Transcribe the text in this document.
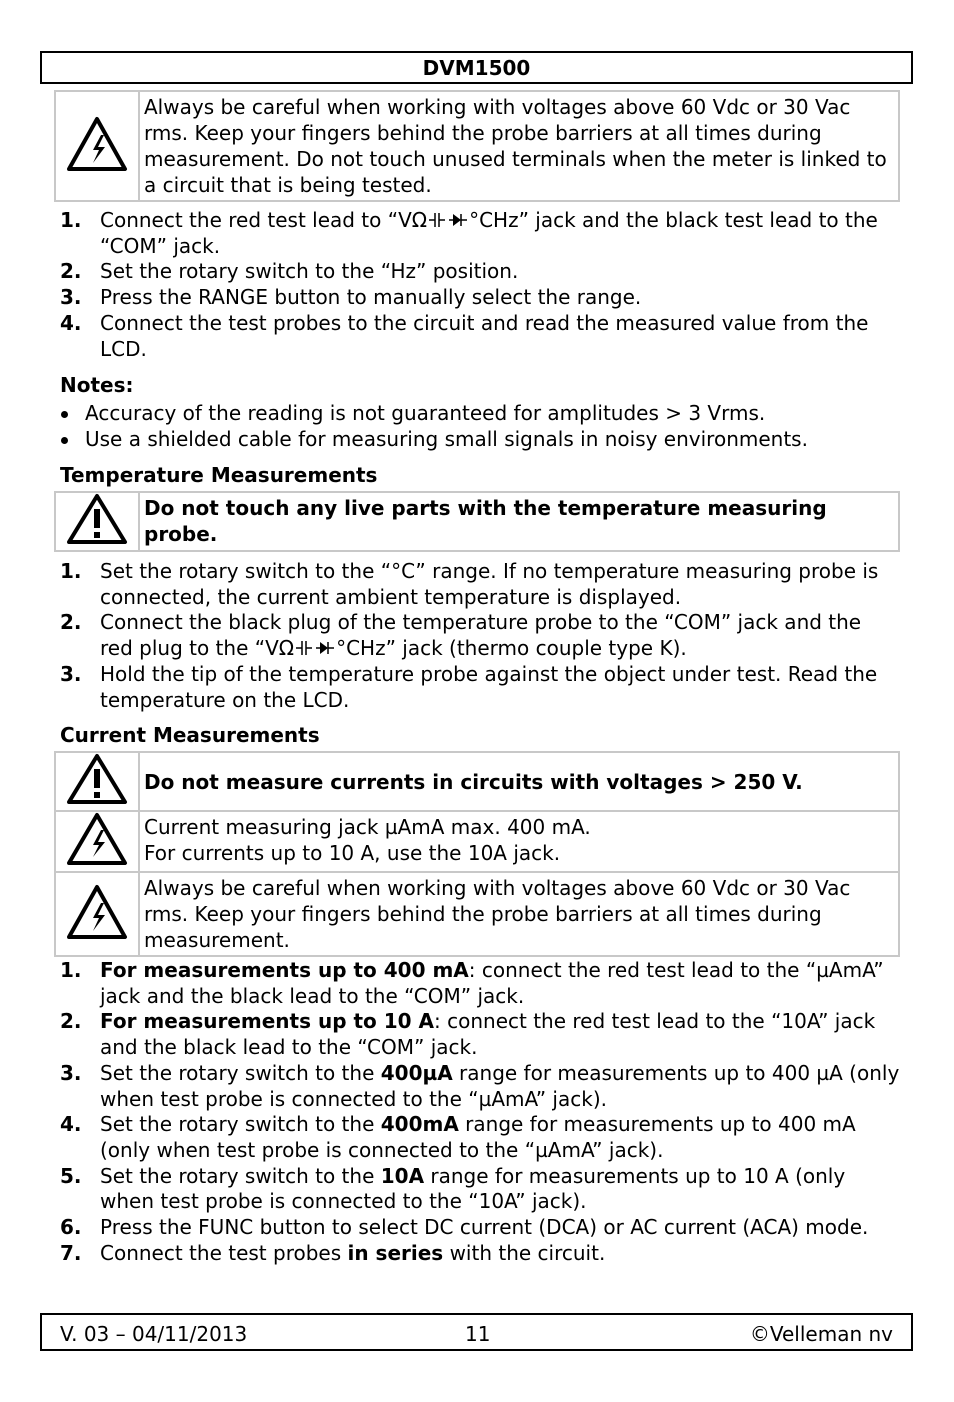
DVM1500
	Always be careful when working with voltages above 60 Vdc or 30 Vac rms. Keep your fingers behind the probe barriers at all times during measurement. Do not touch unused terminals when the meter is linked to a circuit that is being tested.
1. Connect the red test lead to “VΩ °CHz” jack and the black test lead to the “COM” jack.
2. Set the rotary switch to the “Hz” position.
3. Press the RANGE button to manually select the range.
4. Connect the test probes to the circuit and read the measured value from the LCD.
Notes:
Accuracy of the reading is not guaranteed for amplitudes > 3 Vrms.
Use a shielded cable for measuring small signals in noisy environments.
Temperature Measurements
	Do not touch any live parts with the temperature measuring probe.
1. Set the rotary switch to the “°C” range. If no temperature measuring probe is connected, the current ambient temperature is displayed.
2. Connect the black plug of the temperature probe to the “COM” jack and the red plug to the “VΩ °CHz” jack (thermo couple type K).
3. Hold the tip of the temperature probe against the object under test. Read the temperature on the LCD.
Current Measurements
	Do not measure currents in circuits with voltages > 250 V.

Current measuring jack µAmA max. 400 mA.
For currents up to 10 A, use the 10A jack.

	Always be careful when working with voltages above 60 Vdc or 30 Vac rms. Keep your fingers behind the probe barriers at all times during measurement.
1. For measurements up to 400 mA: connect the red test lead to the “µAmA” jack and the black lead to the “COM” jack.
2. For measurements up to 10 A: connect the red test lead to the “10A” jack and the black lead to the “COM” jack.
3. Set the rotary switch to the 400µA range for measurements up to 400 µA (only when test probe is connected to the “µAmA” jack).
4. Set the rotary switch to the 400mA range for measurements up to 400 mA (only when test probe is connected to the “µAmA” jack).
5. Set the rotary switch to the 10A range for measurements up to 10 A (only when test probe is connected to the “10A” jack).
6. Press the FUNC button to select DC current (DCA) or AC current (ACA) mode.
7. Connect the test probes in series with the circuit.
V. 03 – 04/11/2013	11	©Velleman nv
